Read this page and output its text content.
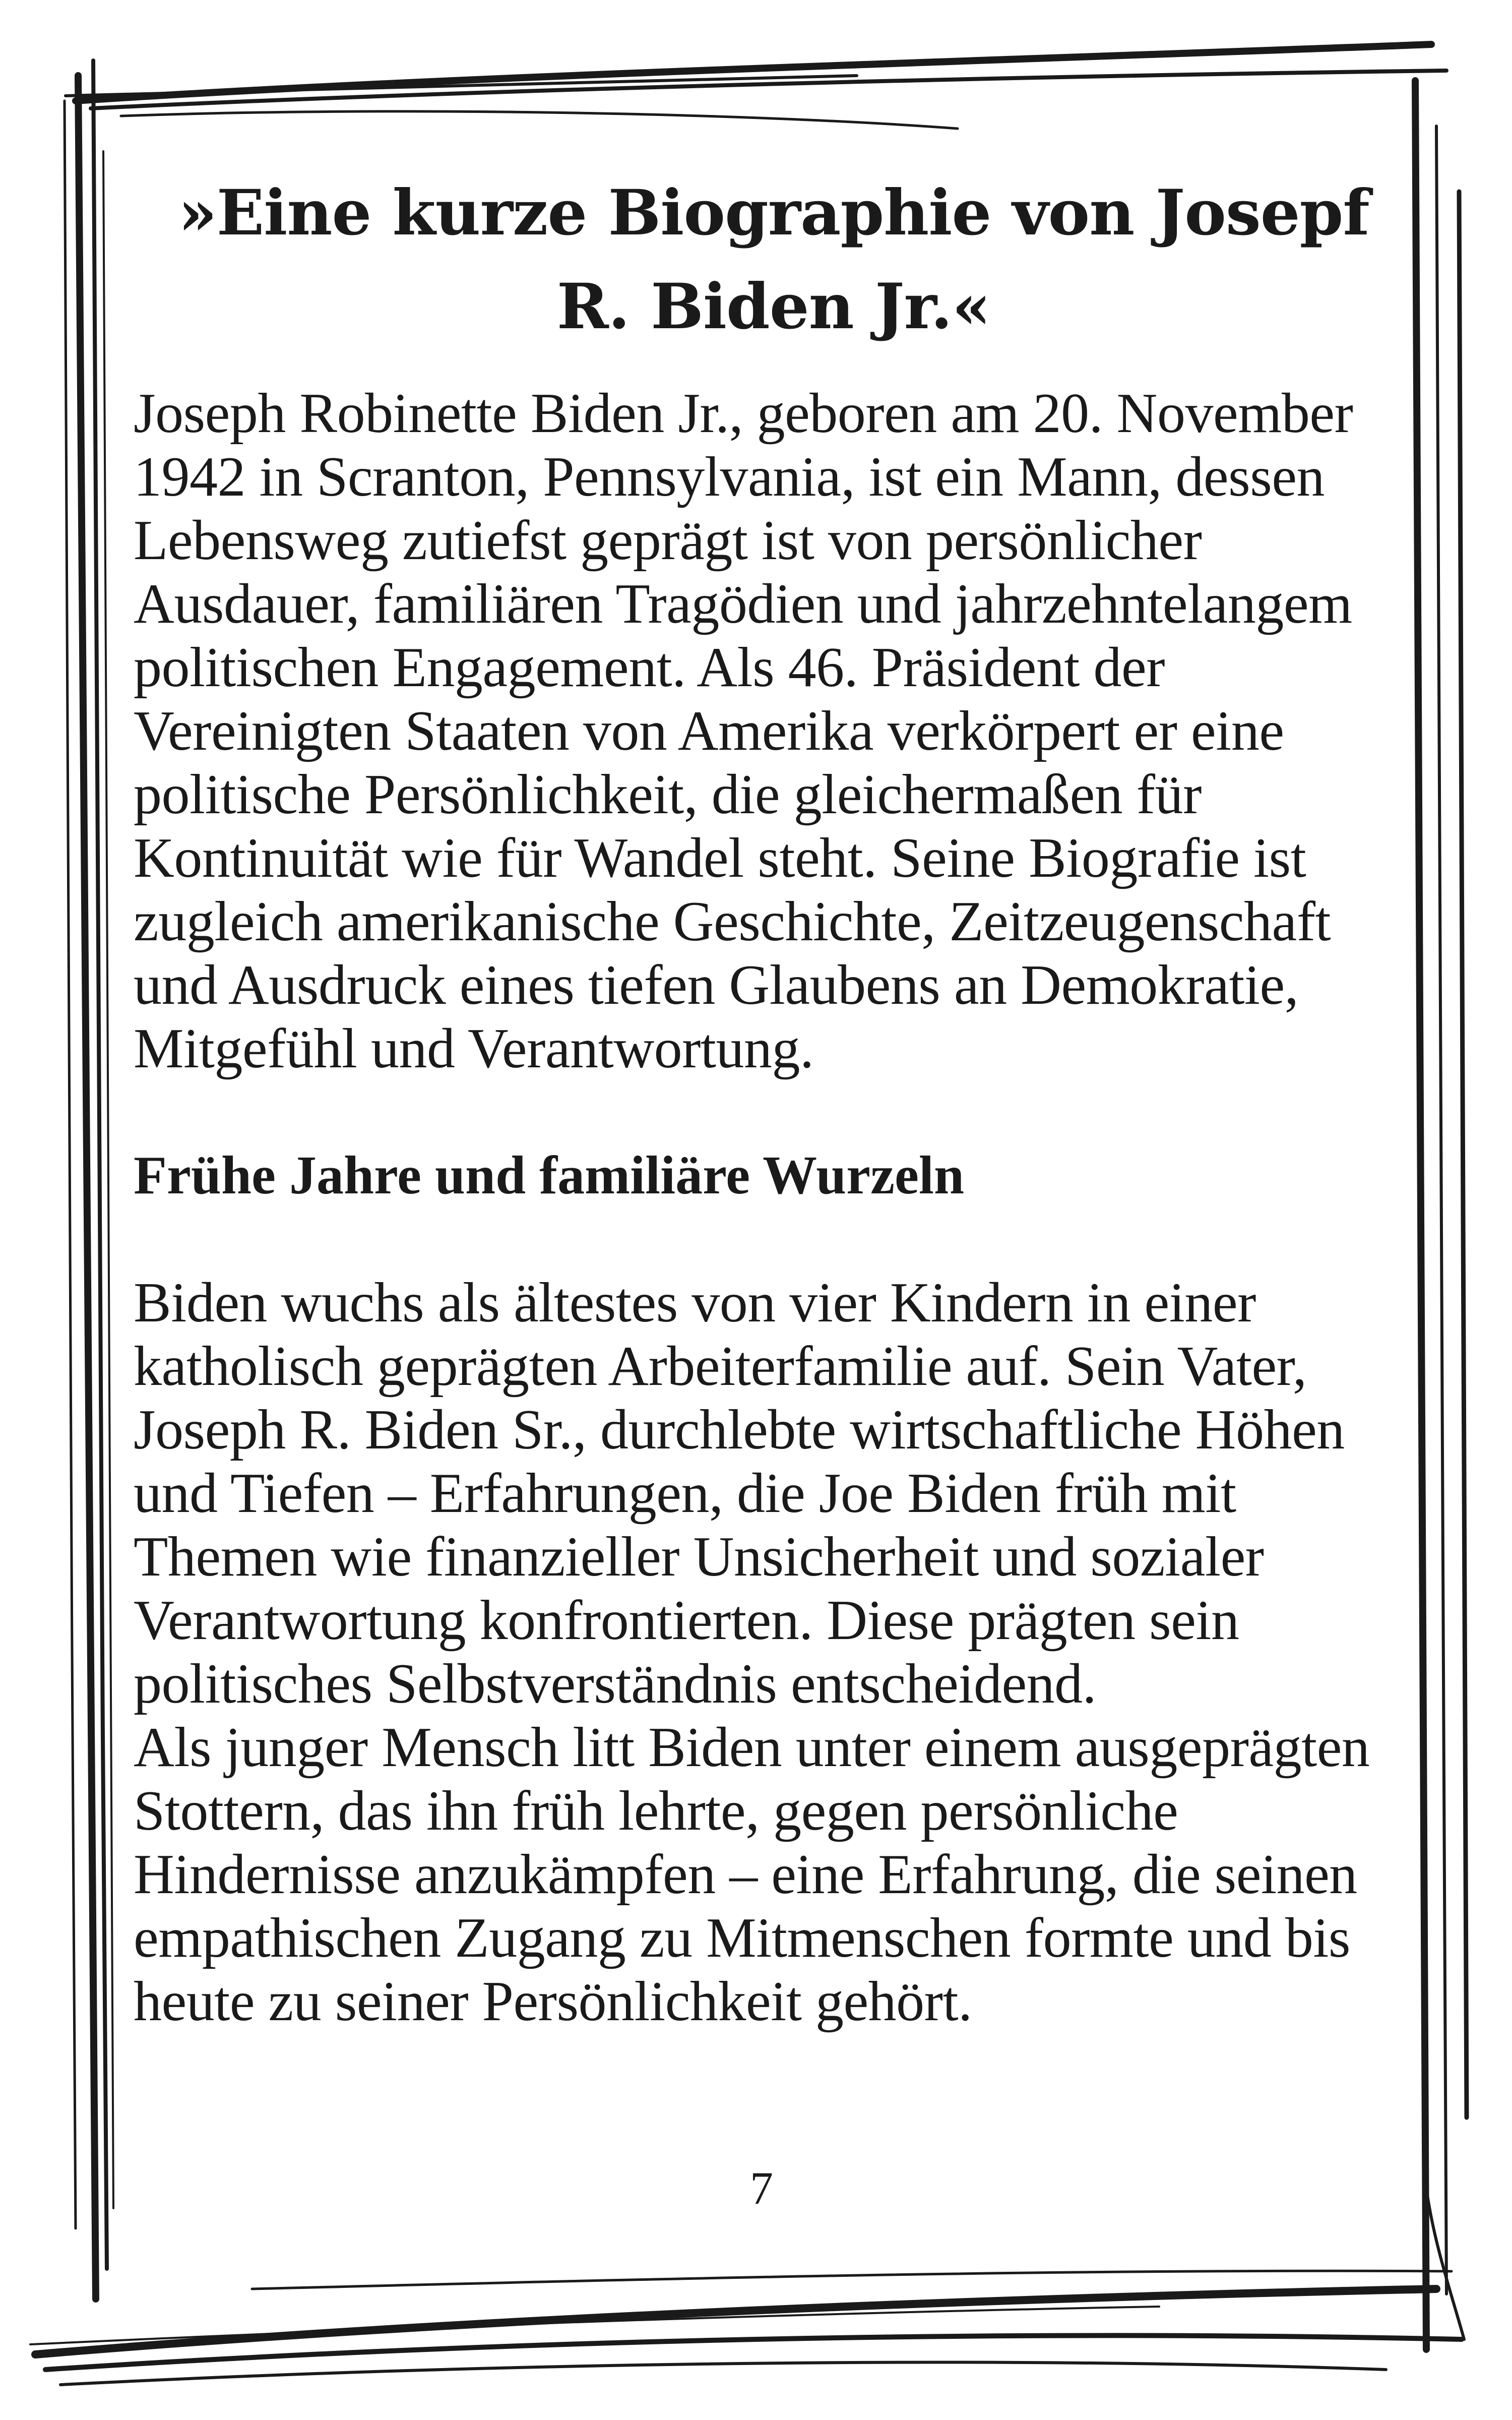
»Eine kurze Biographie von Josepf R. Biden Jr.«

Joseph Robinette Biden Jr., geboren am 20. November 1942 in Scranton, Pennsylvania, ist ein Mann, dessen Lebensweg zutiefst geprägt ist von persönlicher Ausdauer, familiären Tragödien und jahrzehntelangem politischen Engagement. Als 46. Präsident der Vereinigten Staaten von Amerika verkörpert er eine politische Persönlichkeit, die gleichermaßen für Kontinuität wie für Wandel steht. Seine Biografie ist zugleich amerikanische Geschichte, Zeitzeugenschaft und Ausdruck eines tiefen Glaubens an Demokratie, Mitgefühl und Verantwortung.

Frühe Jahre und familiäre Wurzeln

Biden wuchs als ältestes von vier Kindern in einer katholisch geprägten Arbeiterfamilie auf. Sein Vater, Joseph R. Biden Sr., durchlebte wirtschaftliche Höhen und Tiefen – Erfahrungen, die Joe Biden früh mit Themen wie finanzieller Unsicherheit und sozialer Verantwortung konfrontierten. Diese prägten sein politisches Selbstverständnis entscheidend.

Als junger Mensch litt Biden unter einem ausgeprägten Stottern, das ihn früh lehrte, gegen persönliche Hindernisse anzukämpfen – eine Erfahrung, die seinen empathischen Zugang zu Mitmenschen formte und bis heute zu seiner Persönlichkeit gehört.

7
